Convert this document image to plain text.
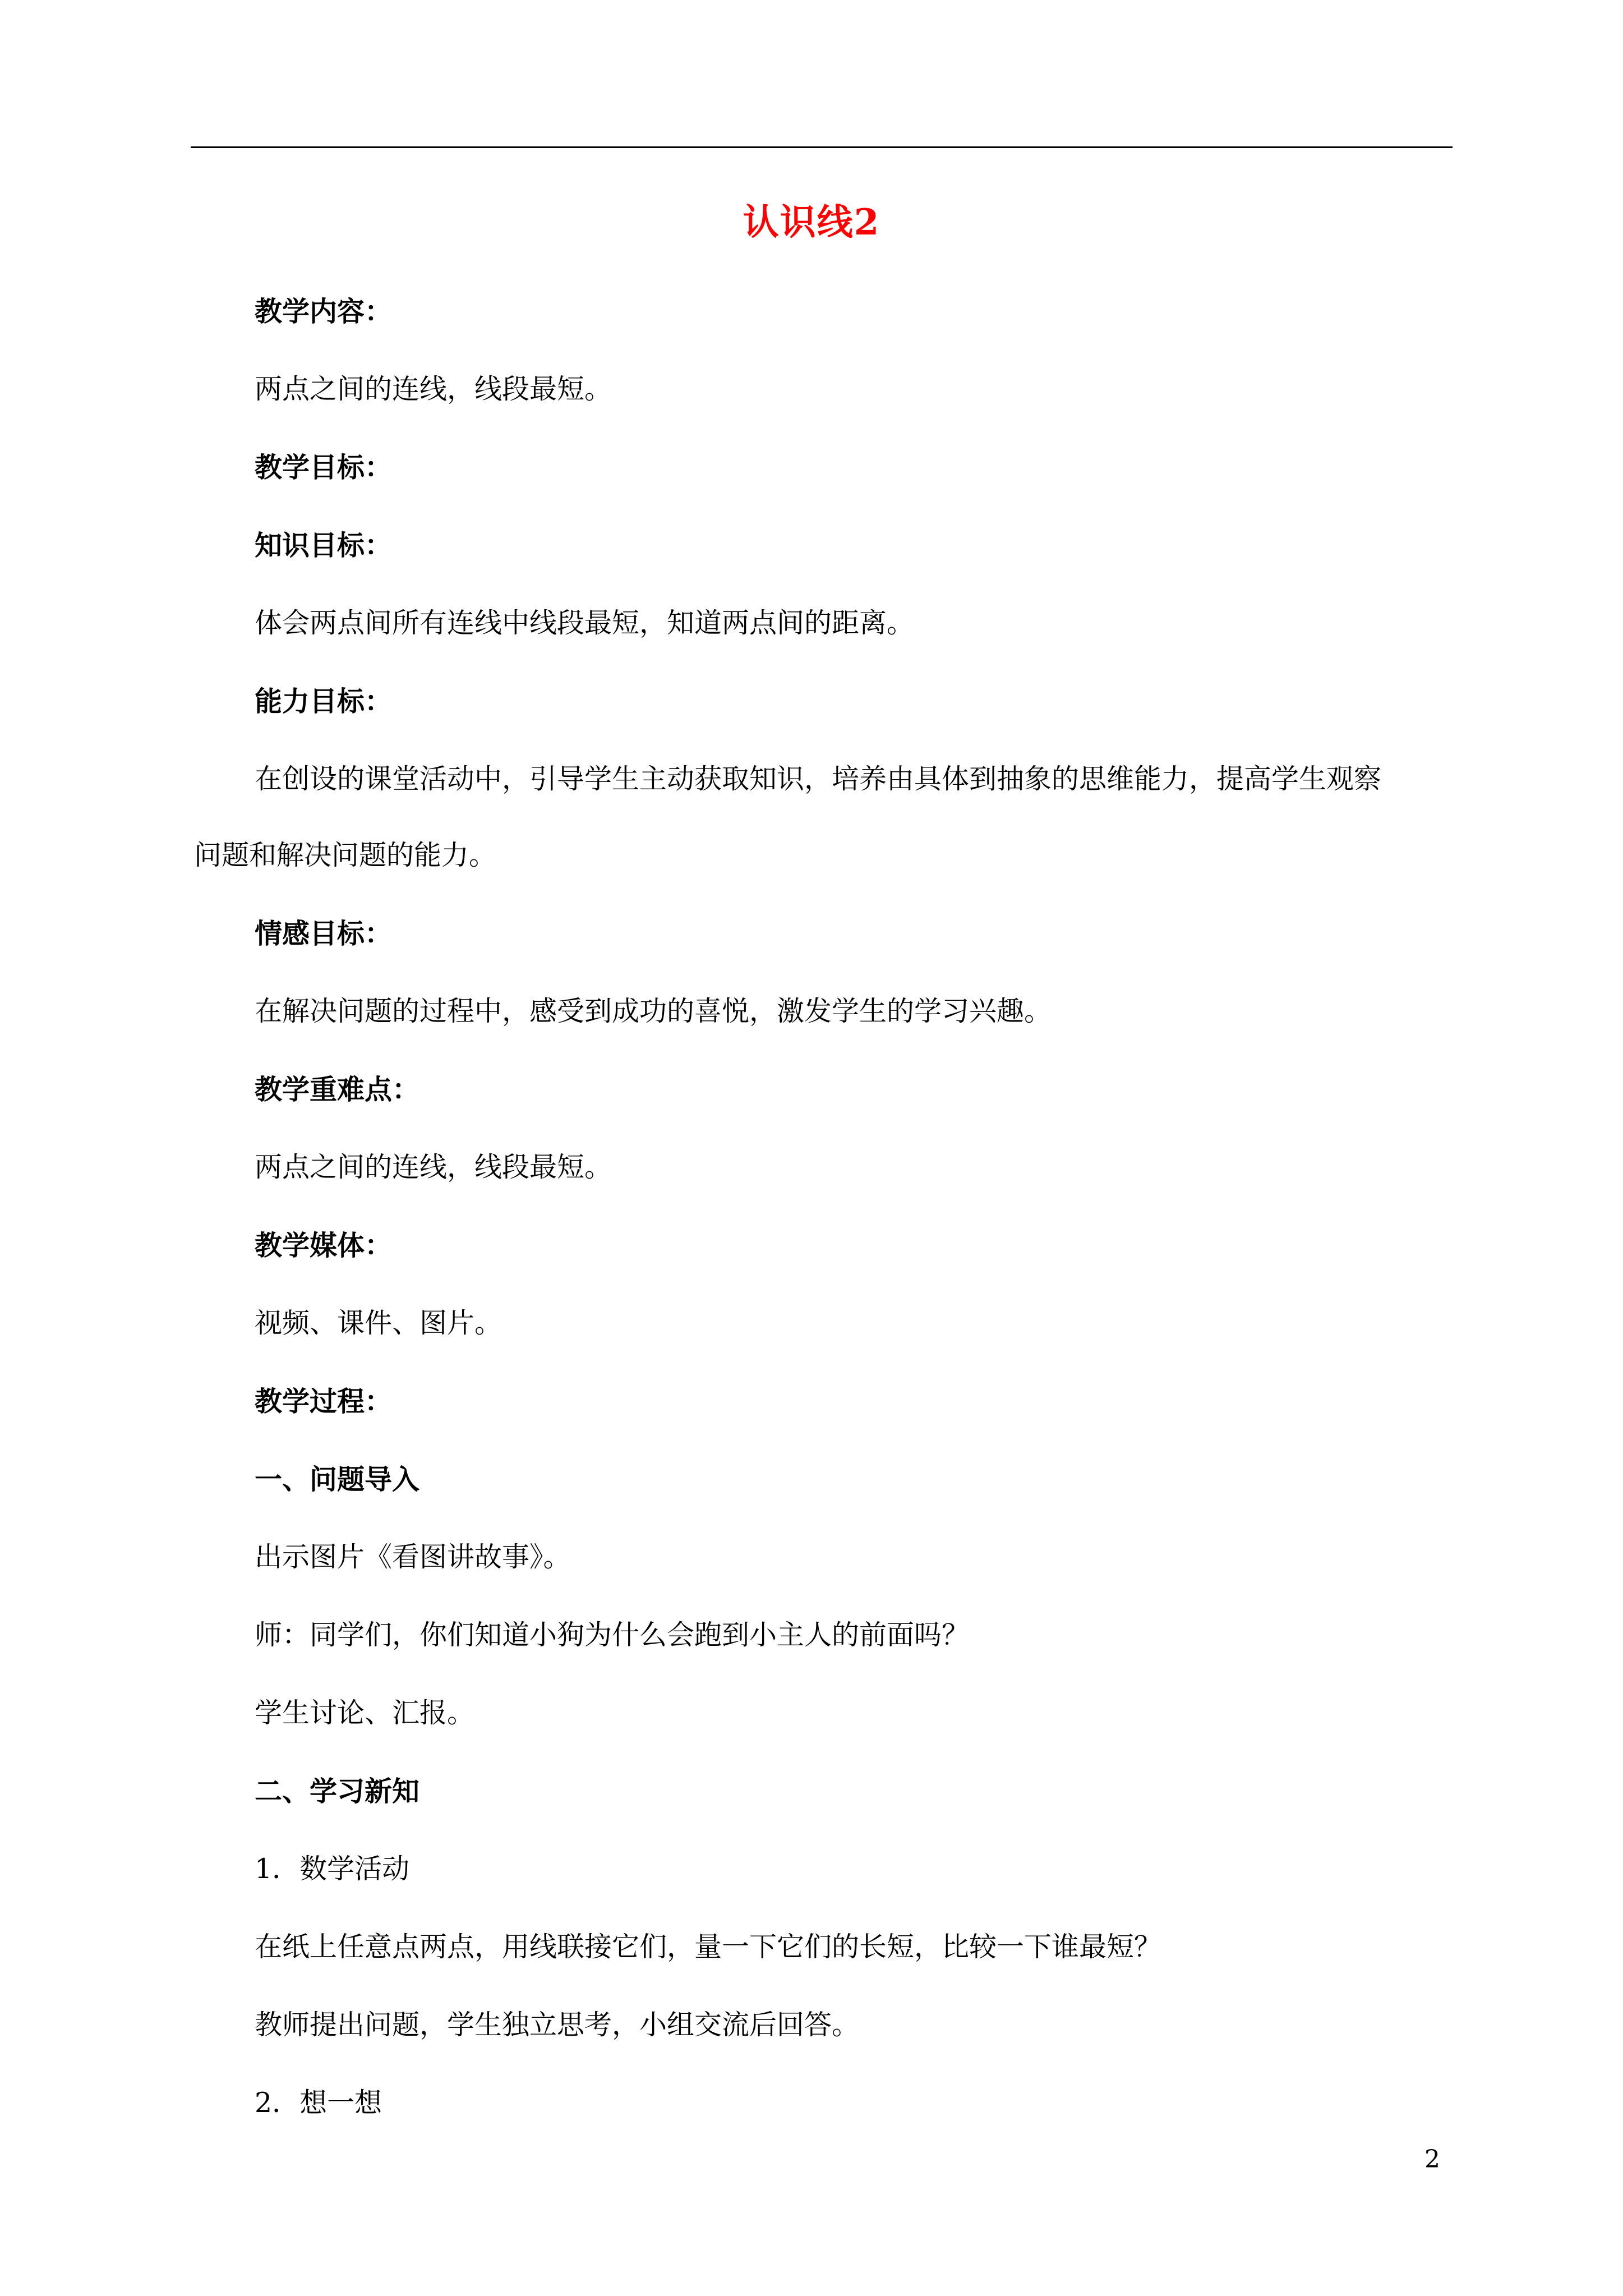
认识线2
教学内容：
两点之间的连线，线段最短。
教学目标：
知识目标：
体会两点间所有连线中线段最短，知道两点间的距离。
能力目标：
在创设的课堂活动中，引导学生主动获取知识，培养由具体到抽象的思维能力，提高学生观察
问题和解决问题的能力。
情感目标：
在解决问题的过程中，感受到成功的喜悦，激发学生的学习兴趣。
教学重难点：
两点之间的连线，线段最短。
教学媒体：
视频、课件、图片。
教学过程：
一、问题导入
出示图片《看图讲故事》。
师：同学们，你们知道小狗为什么会跑到小主人的前面吗？
学生讨论、汇报。
二、学习新知
1．数学活动
在纸上任意点两点，用线联接它们，量一下它们的长短，比较一下谁最短？
教师提出问题，学生独立思考，小组交流后回答。
2．想一想
2
